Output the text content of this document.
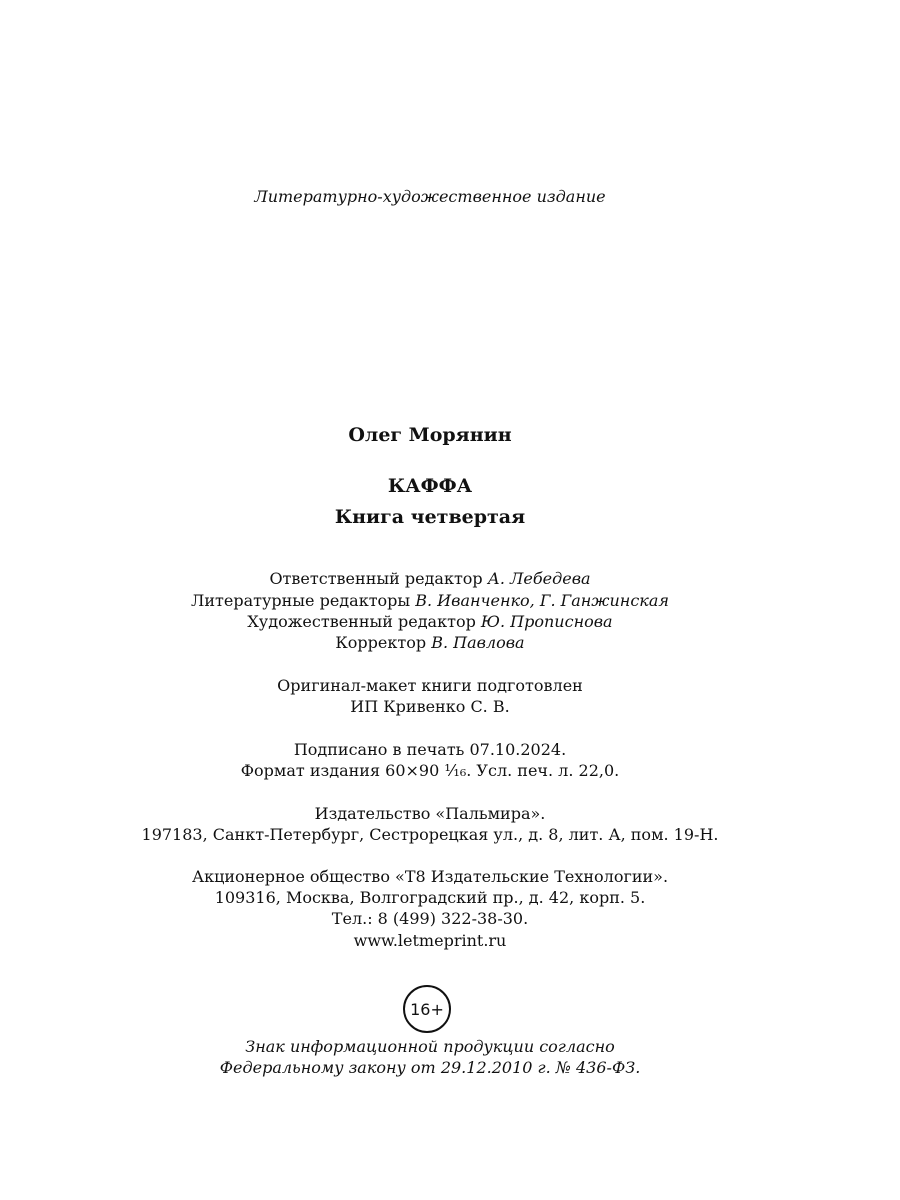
Литературно-художественное издание
Олег Морянин
КАФФА
Книга четвертая
Ответственный редактор А. Лебедева
Литературные редакторы В. Иванченко, Г. Ганжинская
Художественный редактор Ю. Прописнова
Корректор В. Павлова
Оригинал-макет книги подготовлен
ИП Кривенко С. В.
Подписано в печать 07.10.2024.
Формат издания 60×90 ¹⁄₁₆. Усл. печ. л. 22,0.
Издательство «Пальмира».
197183, Санкт-Петербург, Сестрорецкая ул., д. 8, лит. А, пом. 19-Н.
Акционерное общество «Т8 Издательские Технологии».
109316, Москва, Волгоградский пр., д. 42, корп. 5.
Тел.: 8 (499) 322-38-30.
www.letmeprint.ru
16+
Знак информационной продукции согласно
Федеральному закону от 29.12.2010 г. № 436-ФЗ.
